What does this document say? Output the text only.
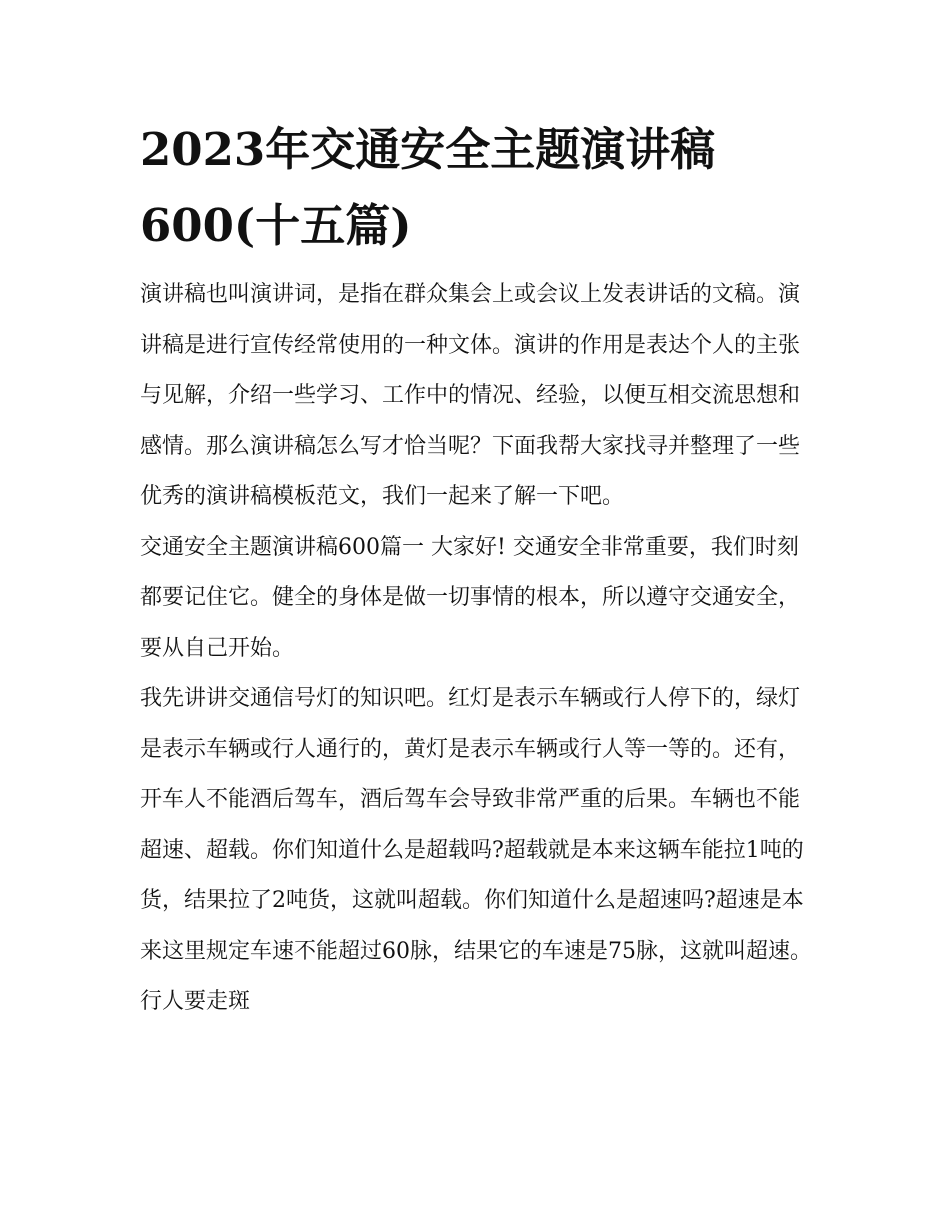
2023年交通安全主题演讲稿
600(十五篇)

演讲稿也叫演讲词，是指在群众集会上或会议上发表讲话的文稿。演讲稿是进行宣传经常使用的一种文体。演讲的作用是表达个人的主张与见解，介绍一些学习、工作中的情况、经验，以便互相交流思想和感情。那么演讲稿怎么写才恰当呢？下面我帮大家找寻并整理了一些优秀的演讲稿模板范文，我们一起来了解一下吧。

交通安全主题演讲稿600篇一 大家好! 交通安全非常重要，我们时刻都要记住它。健全的身体是做一切事情的根本，所以遵守交通安全，要从自己开始。

我先讲讲交通信号灯的知识吧。红灯是表示车辆或行人停下的，绿灯是表示车辆或行人通行的，黄灯是表示车辆或行人等一等的。还有，开车人不能酒后驾车，酒后驾车会导致非常严重的后果。车辆也不能超速、超载。你们知道什么是超载吗?超载就是本来这辆车能拉1吨的货，结果拉了2吨货，这就叫超载。你们知道什么是超速吗?超速是本来这里规定车速不能超过60脉，结果它的车速是75脉，这就叫超速。行人要走斑
